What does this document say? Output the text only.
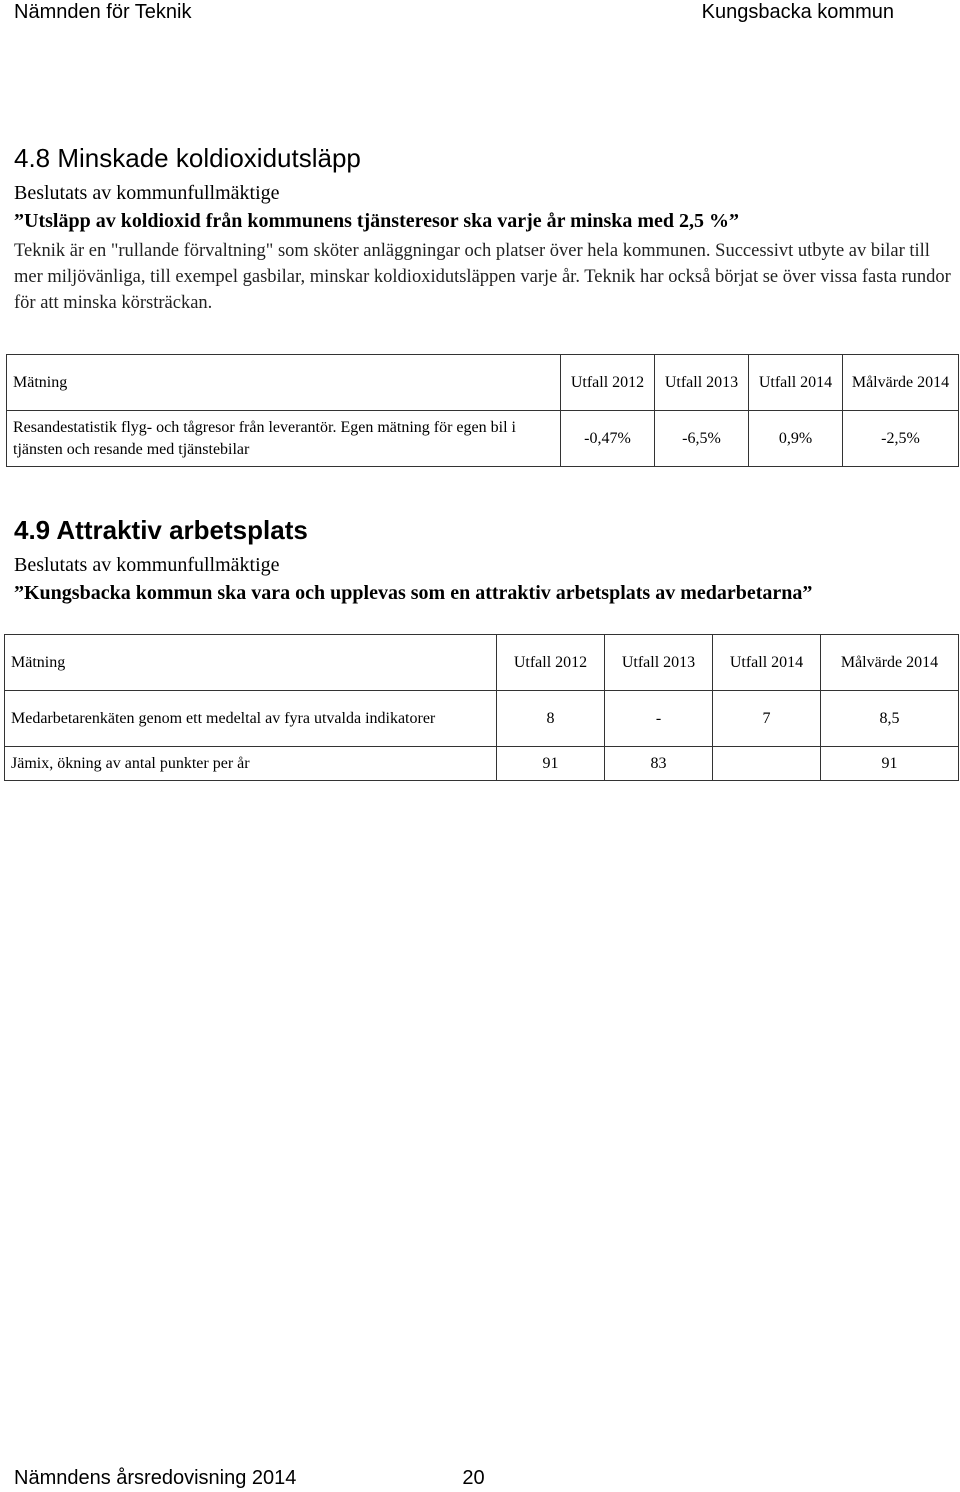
Nämnden för Teknik	Kungsbacka kommun
4.8 Minskade koldioxidutsläpp
Beslutats av kommunfullmäktige
”Utsläpp av koldioxid från kommunens tjänsteresor ska varje år minska med 2,5 %”

Teknik är en "rullande förvaltning" som sköter anläggningar och platser över hela kommunen. Successivt utbyte av bilar till mer miljövänliga, till exempel gasbilar, minskar koldioxidutsläppen varje år. Teknik har också börjat se över vissa fasta rundor för att minska körsträckan.

Mätning	Utfall 2012	Utfall 2013	Utfall 2014	Målvärde 2014
Resandestatistik flyg- och tågresor från leverantör. Egen mätning för egen bil i tjänsten och resande med tjänstebilar	-0,47%	-6,5%	0,9%	-2,5%
4.9 Attraktiv arbetsplats
Beslutats av kommunfullmäktige
”Kungsbacka kommun ska vara och upplevas som en attraktiv arbetsplats av medarbetarna”
Mätning	Utfall 2012	Utfall 2013	Utfall 2014	Målvärde 2014
Medarbetarenkäten genom ett medeltal av fyra utvalda indikatorer	8	-	7	8,5
Jämix, ökning av antal punkter per år	91	83		91
Nämndens årsredovisning 2014	20
